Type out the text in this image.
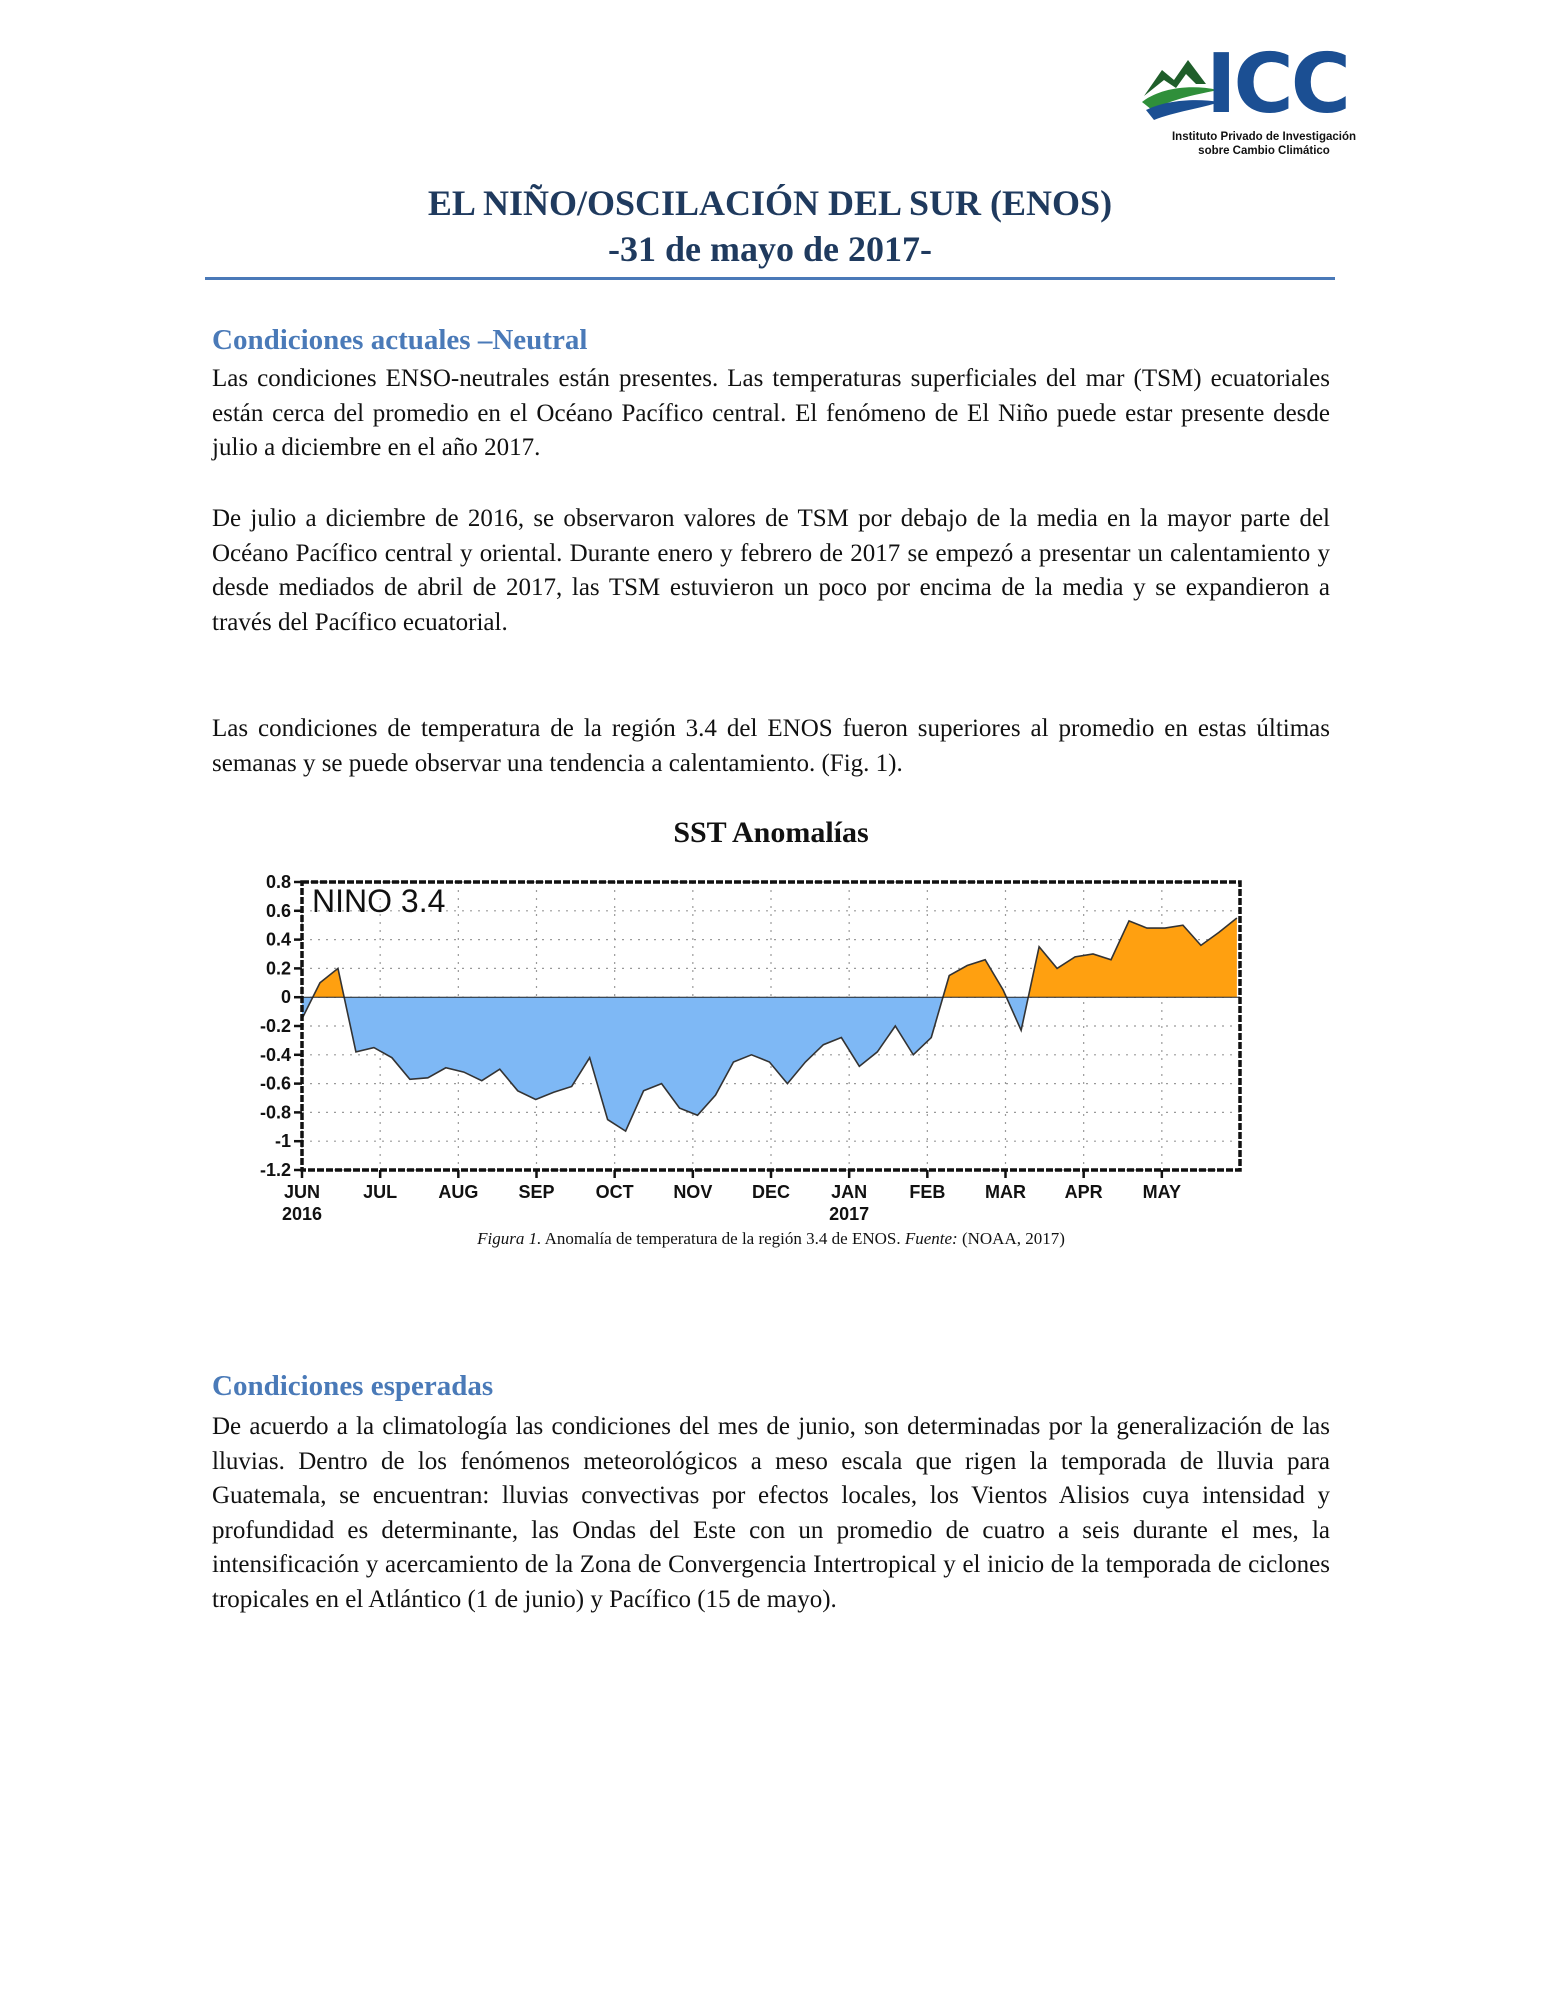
ICC
Instituto Privado de Investigación
sobre Cambio Climático
EL NIÑO/OSCILACIÓN DEL SUR (ENOS)
-31 de mayo de 2017-
Condiciones actuales –Neutral
Las condiciones ENSO-neutrales están presentes. Las temperaturas superficiales del mar (TSM) ecuatoriales están cerca del promedio en el Océano Pacífico central. El fenómeno de El Niño puede estar presente desde julio a diciembre en el año 2017.
De julio a diciembre de 2016, se observaron valores de TSM por debajo de la media en la mayor parte del Océano Pacífico central y oriental. Durante enero y febrero de 2017 se empezó a presentar un calentamiento y desde mediados de abril de 2017, las TSM estuvieron un poco por encima de la media y se expandieron a través del Pacífico ecuatorial.
Las condiciones de temperatura de la región 3.4 del ENOS fueron superiores al promedio en estas últimas semanas y se puede observar una tendencia a calentamiento. (Fig. 1).
SST Anomalías
0.8
0.6
0.4
0.2
0
-0.2
-0.4
-0.6
-0.8
-1
-1.2
JUN
2016
JUL AUG SEP OCT NOV DEC JAN
2017
FEB MAR APR MAY
NINO 3.4
Figura 1. Anomalía de temperatura de la región 3.4 de ENOS. Fuente: (NOAA, 2017)
Condiciones esperadas
De acuerdo a la climatología las condiciones del mes de junio, son determinadas por la generalización de las lluvias. Dentro de los fenómenos meteorológicos a meso escala que rigen la temporada de lluvia para Guatemala, se encuentran: lluvias convectivas por efectos locales, los Vientos Alisios cuya intensidad y profundidad es determinante, las Ondas del Este con un promedio de cuatro a seis durante el mes, la intensificación y acercamiento de la Zona de Convergencia Intertropical y el inicio de la temporada de ciclones tropicales en el Atlántico (1 de junio) y Pacífico (15 de mayo).
